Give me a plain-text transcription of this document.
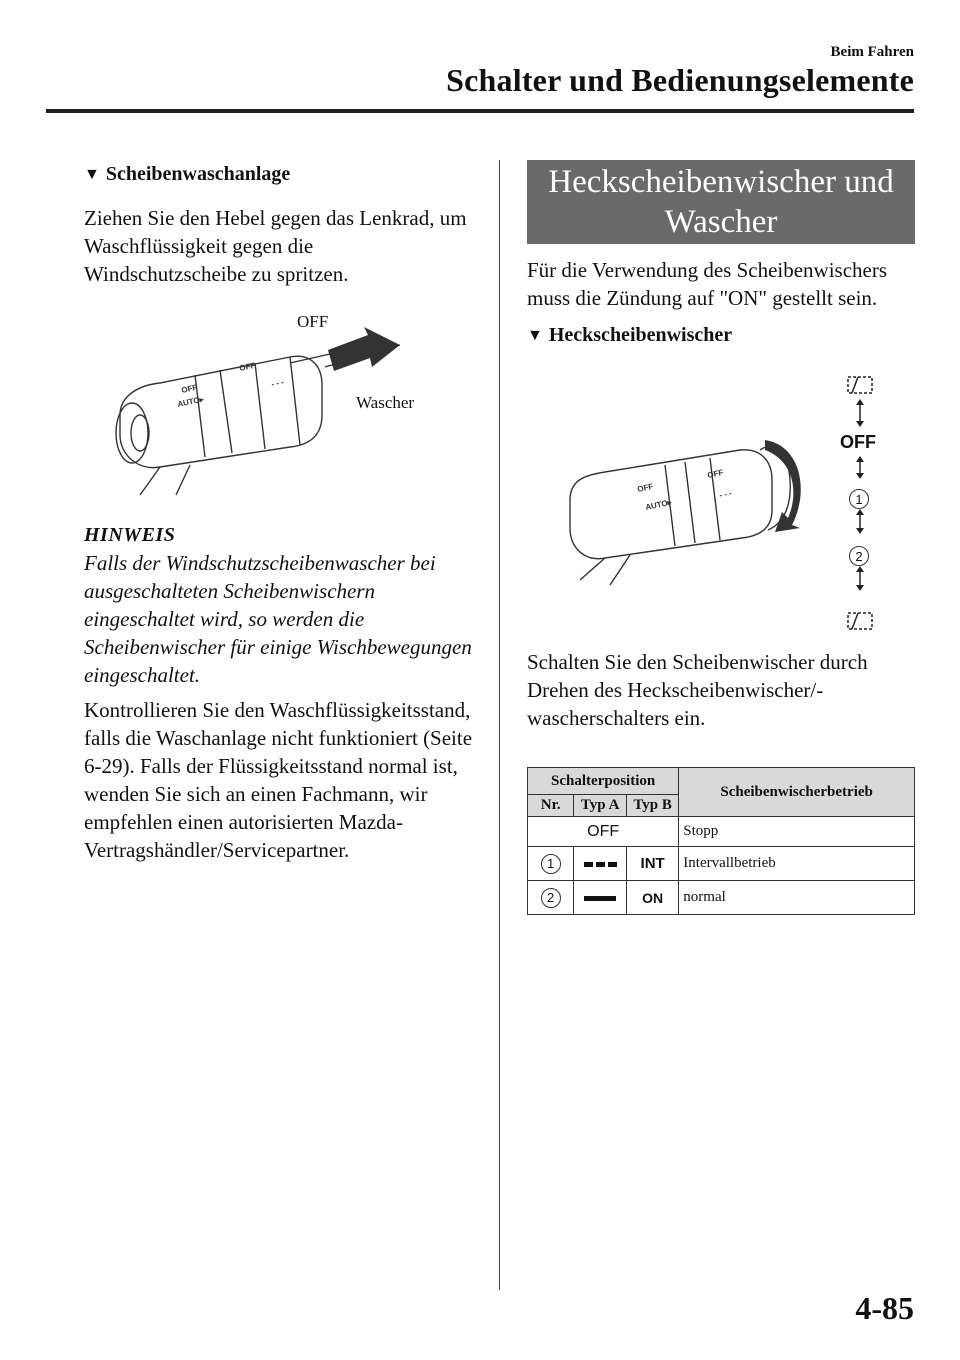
Beim Fahren
Schalter und Bedienungselemente
▼ Scheibenwaschanlage
Ziehen Sie den Hebel gegen das Lenkrad, um Waschflüssigkeit gegen die Windschutzscheibe zu spritzen.
AUTO▸
OFF
OFF
- - -
OFF
Wascher
HINWEIS
Falls der Windschutzscheibenwascher bei ausgeschalteten Scheibenwischern eingeschaltet wird, so werden die Scheibenwischer für einige Wischbewegungen eingeschaltet.
Kontrollieren Sie den Waschflüssigkeitsstand, falls die Waschanlage nicht funktioniert (Seite 6-29). Falls der Flüssigkeitsstand normal ist, wenden Sie sich an einen Fachmann, wir empfehlen einen autorisierten Mazda-Vertragshändler/Servicepartner.
Heckscheibenwischer und Wascher
Für die Verwendung des Scheibenwischers muss die Zündung auf "ON" gestellt sein.
▼ Heckscheibenwischer
OFF
AUTO▸
OFF
- - -
OFF
1
2
Schalten Sie den Scheibenwischer durch Drehen des Heckscheibenwischer/-wascherschalters ein.
Schalterposition			Scheibenwischerbetrieb
Nr.	Typ A	Typ B	
OFF			Stopp
1		INT	Intervallbetrieb
2		ON	normal
4-85
